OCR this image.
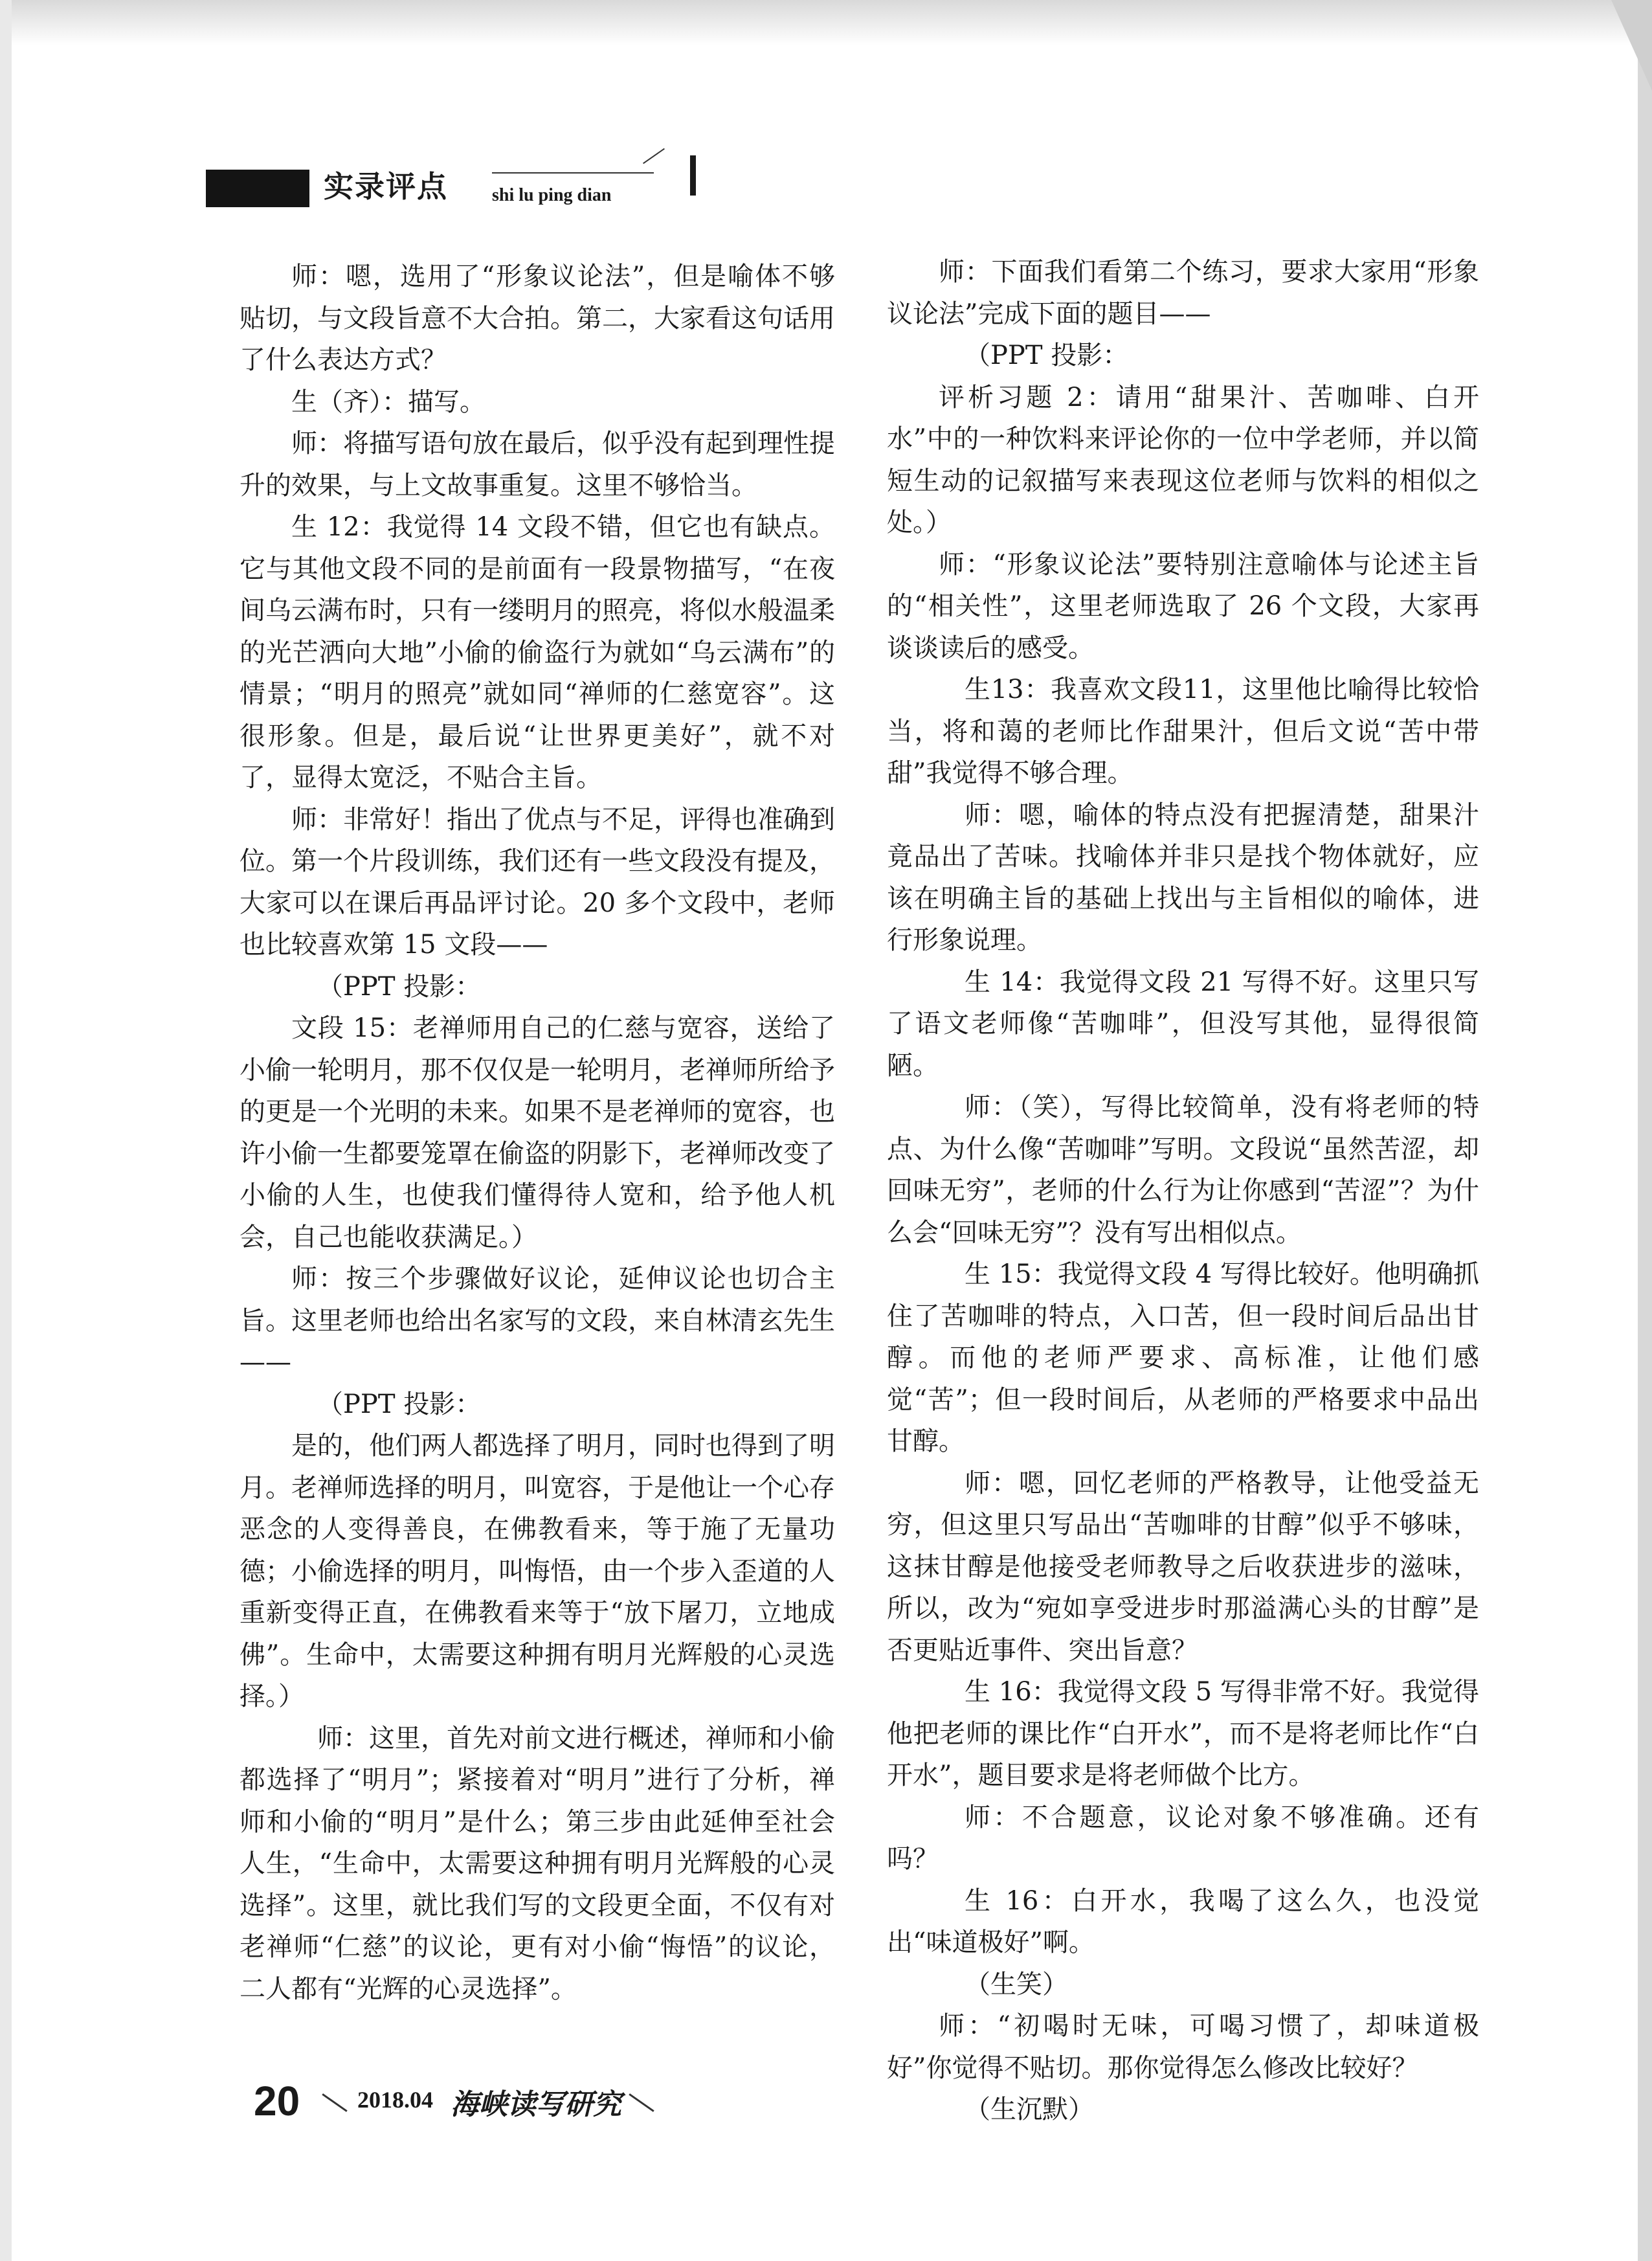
实录评点 shi lu ping dian

师：嗯，选用了“形象议论法”，但是喻体不够贴切，与文段旨意不大合拍。第二，大家看这句话用了什么表达方式？

生（齐）：描写。

师：将描写语句放在最后，似乎没有起到理性提升的效果，与上文故事重复。这里不够恰当。

生 12：我觉得 14 文段不错，但它也有缺点。它与其他文段不同的是前面有一段景物描写，“在夜间乌云满布时，只有一缕明月的照亮，将似水般温柔的光芒洒向大地”小偷的偷盗行为就如“乌云满布”的情景；“明月的照亮”就如同“禅师的仁慈宽容”。这很形象。但是，最后说“让世界更美好”，就不对了，显得太宽泛，不贴合主旨。

师：非常好！指出了优点与不足，评得也准确到位。第一个片段训练，我们还有一些文段没有提及，大家可以在课后再品评讨论。20 多个文段中，老师也比较喜欢第 15 文段——

（PPT 投影：

文段 15：老禅师用自己的仁慈与宽容，送给了小偷一轮明月，那不仅仅是一轮明月，老禅师所给予的更是一个光明的未来。如果不是老禅师的宽容，也许小偷一生都要笼罩在偷盗的阴影下，老禅师改变了小偷的人生，也使我们懂得待人宽和，给予他人机会，自己也能收获满足。）

师：按三个步骤做好议论，延伸议论也切合主旨。这里老师也给出名家写的文段，来自林清玄先生——

（PPT 投影：

是的，他们两人都选择了明月，同时也得到了明月。老禅师选择的明月，叫宽容，于是他让一个心存恶念的人变得善良，在佛教看来，等于施了无量功德；小偷选择的明月，叫悔悟，由一个步入歪道的人重新变得正直，在佛教看来等于“放下屠刀，立地成佛”。生命中，太需要这种拥有明月光辉般的心灵选择。）

师：这里，首先对前文进行概述，禅师和小偷都选择了“明月”；紧接着对“明月”进行了分析，禅师和小偷的“明月”是什么；第三步由此延伸至社会人生，“生命中，太需要这种拥有明月光辉般的心灵选择”。这里，就比我们写的文段更全面，不仅有对老禅师“仁慈”的议论，更有对小偷“悔悟”的议论，二人都有“光辉的心灵选择”。

师：下面我们看第二个练习，要求大家用“形象议论法”完成下面的题目——

（PPT 投影：

评析习题 2：请用“甜果汁、苦咖啡、白开水”中的一种饮料来评论你的一位中学老师，并以简短生动的记叙描写来表现这位老师与饮料的相似之处。）

师：“形象议论法”要特别注意喻体与论述主旨的“相关性”，这里老师选取了 26 个文段，大家再谈谈读后的感受。

生13：我喜欢文段11，这里他比喻得比较恰当，将和蔼的老师比作甜果汁，但后文说“苦中带甜”我觉得不够合理。

师：嗯，喻体的特点没有把握清楚，甜果汁竟品出了苦味。找喻体并非只是找个物体就好，应该在明确主旨的基础上找出与主旨相似的喻体，进行形象说理。

生 14：我觉得文段 21 写得不好。这里只写了语文老师像“苦咖啡”，但没写其他，显得很简陋。

师：（笑），写得比较简单，没有将老师的特点、为什么像“苦咖啡”写明。文段说“虽然苦涩，却回味无穷”，老师的什么行为让你感到“苦涩”？为什么会“回味无穷”？没有写出相似点。

生 15：我觉得文段 4 写得比较好。他明确抓住了苦咖啡的特点，入口苦，但一段时间后品出甘醇。而他的老师严要求、高标准，让他们感觉“苦”；但一段时间后，从老师的严格要求中品出甘醇。

师：嗯，回忆老师的严格教导，让他受益无穷，但这里只写品出“苦咖啡的甘醇”似乎不够味，这抹甘醇是他接受老师教导之后收获进步的滋味，所以，改为“宛如享受进步时那溢满心头的甘醇”是否更贴近事件、突出旨意？

生 16：我觉得文段 5 写得非常不好。我觉得他把老师的课比作“白开水”，而不是将老师比作“白开水”，题目要求是将老师做个比方。

师：不合题意，议论对象不够准确。还有吗？

生 16：白开水，我喝了这么久，也没觉出“味道极好”啊。

（生笑）

师：“初喝时无味，可喝习惯了，却味道极好”你觉得不贴切。那你觉得怎么修改比较好？

（生沉默）

20 2018.04 海峡读写研究
